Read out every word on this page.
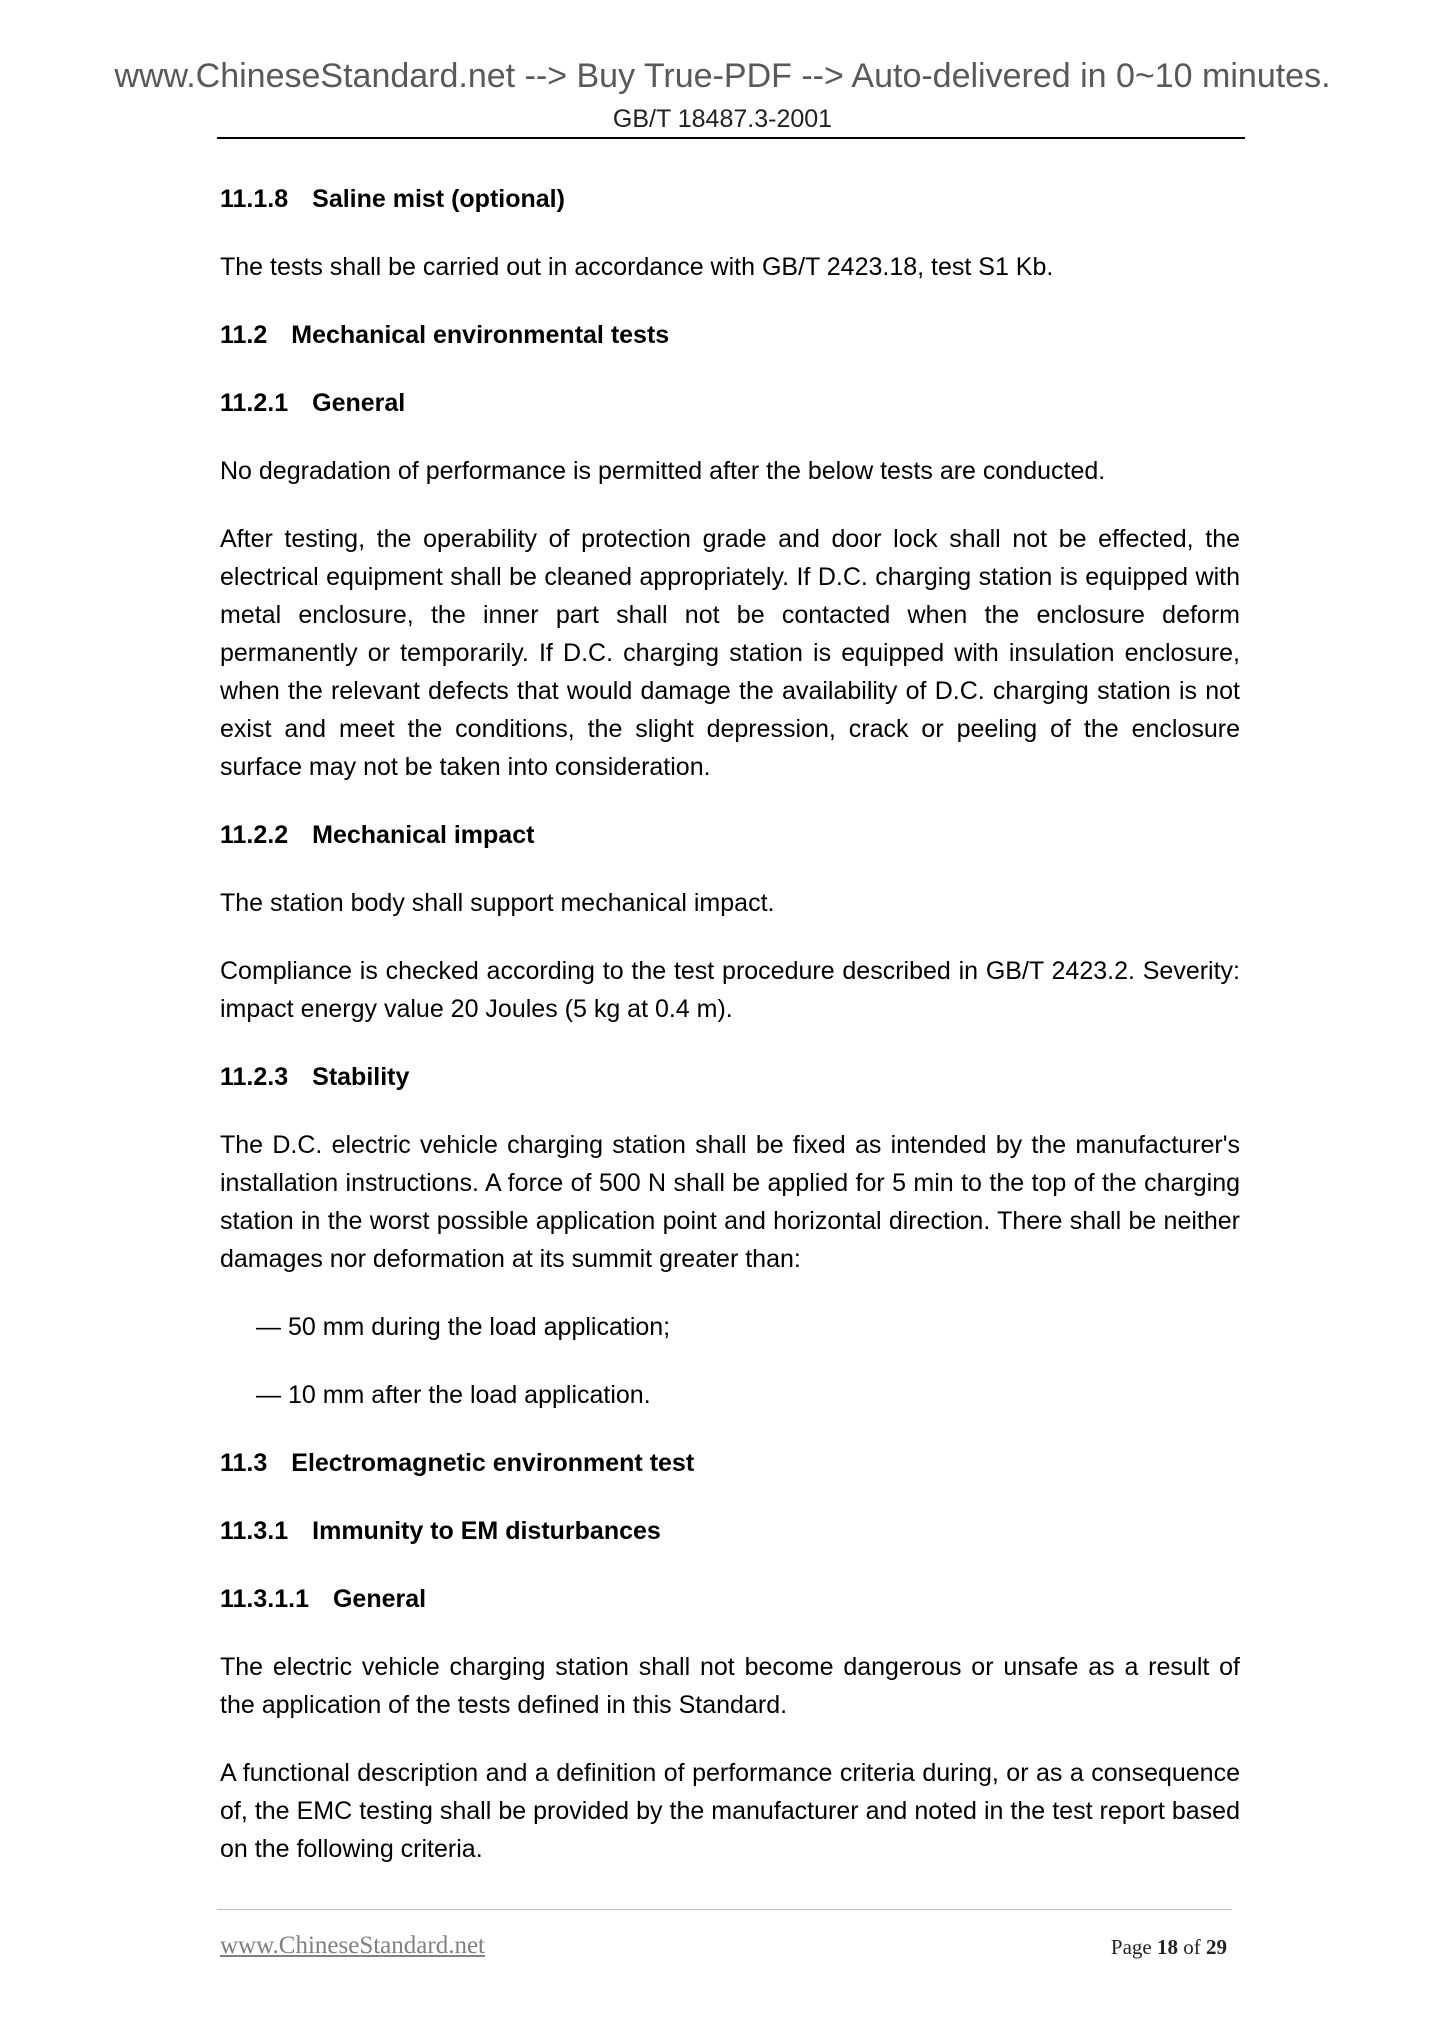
www.ChineseStandard.net --> Buy True-PDF --> Auto-delivered in 0~10 minutes.
GB/T 18487.3-2001
11.1.8 Saline mist (optional)
The tests shall be carried out in accordance with GB/T 2423.18, test S1 Kb.
11.2 Mechanical environmental tests
11.2.1 General
No degradation of performance is permitted after the below tests are conducted.
After testing, the operability of protection grade and door lock shall not be effected, the electrical equipment shall be cleaned appropriately. If D.C. charging station is equipped with metal enclosure, the inner part shall not be contacted when the enclosure deform permanently or temporarily. If D.C. charging station is equipped with insulation enclosure, when the relevant defects that would damage the availability of D.C. charging station is not exist and meet the conditions, the slight depression, crack or peeling of the enclosure surface may not be taken into consideration.
11.2.2 Mechanical impact
The station body shall support mechanical impact.
Compliance is checked according to the test procedure described in GB/T 2423.2. Severity: impact energy value 20 Joules (5 kg at 0.4 m).
11.2.3 Stability
The D.C. electric vehicle charging station shall be fixed as intended by the manufacturer's installation instructions. A force of 500 N shall be applied for 5 min to the top of the charging station in the worst possible application point and horizontal direction. There shall be neither damages nor deformation at its summit greater than:
— 50 mm during the load application;
— 10 mm after the load application.
11.3 Electromagnetic environment test
11.3.1 Immunity to EM disturbances
11.3.1.1 General
The electric vehicle charging station shall not become dangerous or unsafe as a result of the application of the tests defined in this Standard.
A functional description and a definition of performance criteria during, or as a consequence of, the EMC testing shall be provided by the manufacturer and noted in the test report based on the following criteria.
www.ChineseStandard.net	Page 18 of 29
